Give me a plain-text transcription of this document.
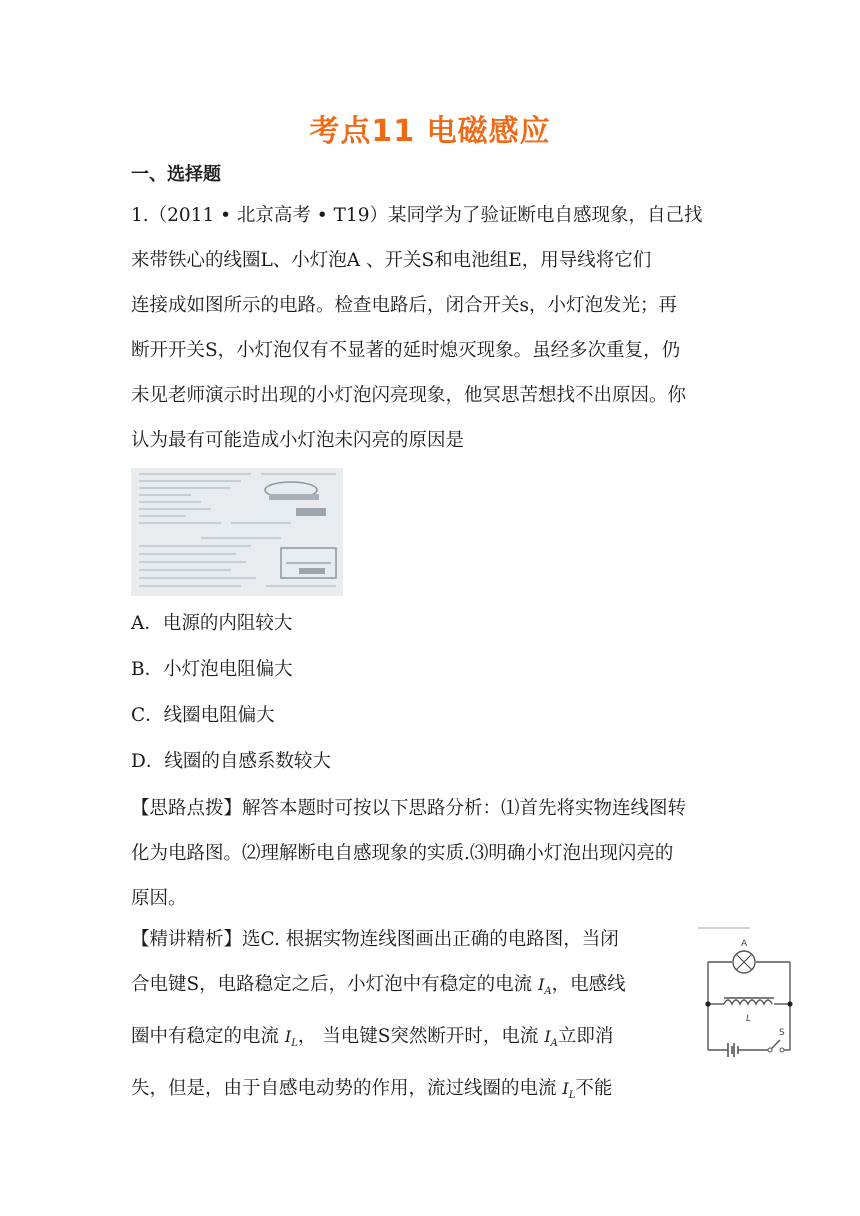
考点11 电磁感应
一、选择题
1.（2011 • 北京高考 • T19）某同学为了验证断电自感现象，自己找
来带铁心的线圈L、小灯泡A 、开关S和电池组E，用导线将它们
连接成如图所示的电路。检查电路后，闭合开关s，小灯泡发光；再
断开开关S，小灯泡仅有不显著的延时熄灭现象。虽经多次重复，仍
未见老师演示时出现的小灯泡闪亮现象，他冥思苦想找不出原因。你
认为最有可能造成小灯泡未闪亮的原因是
A．电源的内阻较大
B．小灯泡电阻偏大
C．线圈电阻偏大
D．线圈的自感系数较大
【思路点拨】解答本题时可按以下思路分析：⑴首先将实物连线图转
化为电路图。⑵理解断电自感现象的实质.⑶明确小灯泡出现闪亮的
原因。
【精讲精析】选C. 根据实物连线图画出正确的电路图，当闭
合电键S，电路稳定之后，小灯泡中有稳定的电流 $I_A$，电感线
圈中有稳定的电流 $I_L$， 当电键S突然断开时，电流 $I_A$立即消
失，但是，由于自感电动势的作用，流过线圈的电流 $I_L$不能
A
L
S
